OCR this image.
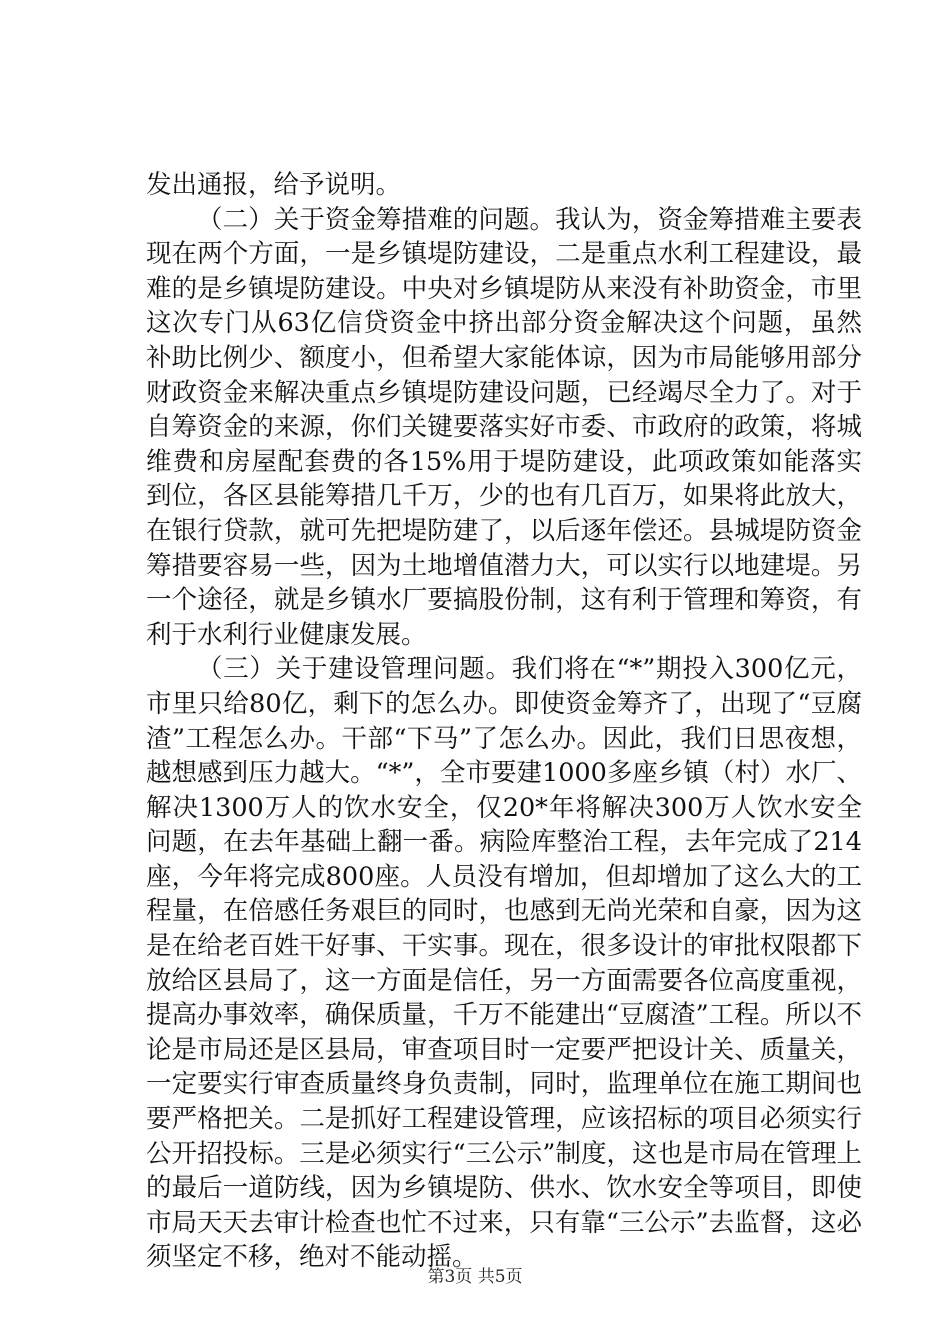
发出通报，给予说明。

（二）关于资金筹措难的问题。我认为，资金筹措难主要表现在两个方面，一是乡镇堤防建设，二是重点水利工程建设，最难的是乡镇堤防建设。中央对乡镇堤防从来没有补助资金，市里这次专门从63亿信贷资金中挤出部分资金解决这个问题，虽然补助比例少、额度小，但希望大家能体谅，因为市局能够用部分财政资金来解决重点乡镇堤防建设问题，已经竭尽全力了。对于自筹资金的来源，你们关键要落实好市委、市政府的政策，将城维费和房屋配套费的各15%用于堤防建设，此项政策如能落实到位，各区县能筹措几千万，少的也有几百万，如果将此放大，在银行贷款，就可先把堤防建了，以后逐年偿还。县城堤防资金筹措要容易一些，因为土地增值潜力大，可以实行以地建堤。另一个途径，就是乡镇水厂要搞股份制，这有利于管理和筹资，有利于水利行业健康发展。

（三）关于建设管理问题。我们将在“*”期投入300亿元，市里只给80亿，剩下的怎么办。即使资金筹齐了，出现了“豆腐渣”工程怎么办。干部“下马”了怎么办。因此，我们日思夜想，越想感到压力越大。“*”，全市要建1000多座乡镇（村）水厂、解决1300万人的饮水安全，仅20*年将解决300万人饮水安全问题，在去年基础上翻一番。病险库整治工程，去年完成了214座，今年将完成800座。人员没有增加，但却增加了这么大的工程量，在倍感任务艰巨的同时，也感到无尚光荣和自豪，因为这是在给老百姓干好事、干实事。现在，很多设计的审批权限都下放给区县局了，这一方面是信任，另一方面需要各位高度重视，提高办事效率，确保质量，千万不能建出“豆腐渣”工程。所以不论是市局还是区县局，审查项目时一定要严把设计关、质量关，一定要实行审查质量终身负责制，同时，监理单位在施工期间也要严格把关。二是抓好工程建设管理，应该招标的项目必须实行公开招投标。三是必须实行“三公示”制度，这也是市局在管理上的最后一道防线，因为乡镇堤防、供水、饮水安全等项目，即使市局天天去审计检查也忙不过来，只有靠“三公示”去监督，这必须坚定不移，绝对不能动摇。

第3页 共5页
